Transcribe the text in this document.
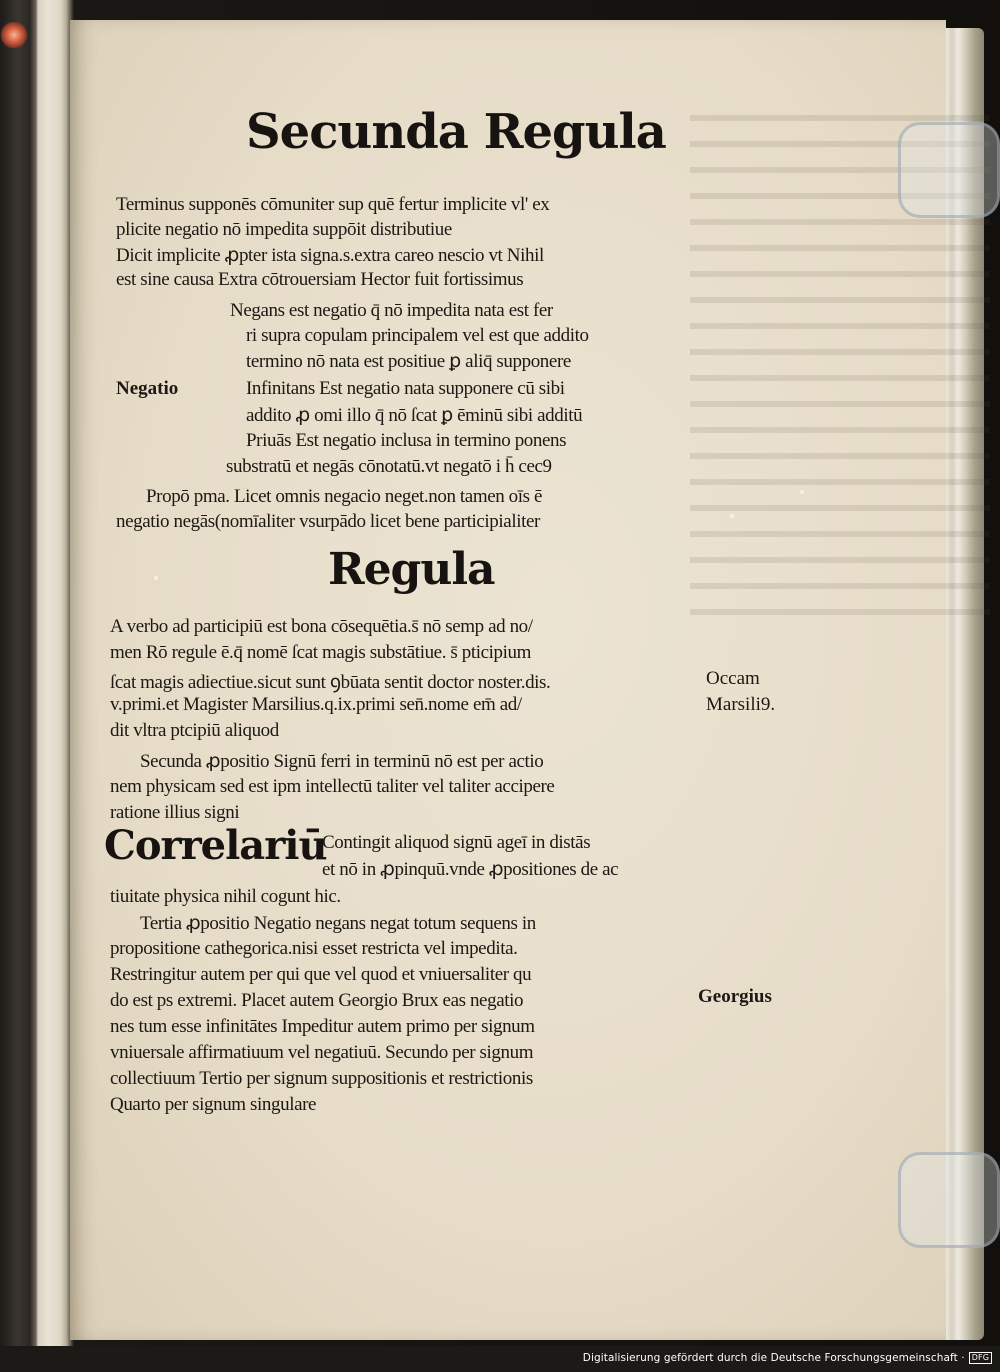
Secunda Regula
Terminus supponēs cōmuniter sup quē fertur implicite vl' ex
plicite negatio nō impedita suppōit distributiue
Dicit implicite ꝓpter ista signa.s.extra careo nescio vt Nihil
est sine causa Extra cōtrouersiam Hector fuit fortissimus
Negans est negatio q̄ nō impedita nata est fer
ri supra copulam principalem vel est que addito
termino nō nata est positiue ꝑ aliq̄ supponere
Infinitans Est negatio nata supponere cū sibi
addito ꝓ omi illo q̄ nō ſcat ꝑ ēminū sibi additū
Priuās Est negatio inclusa in termino ponens
substratū et negās cōnotatū.vt negatō i h̄ cec9
Negatio
Propō pma. Licet omnis negacio neget.non tamen oīs ē
negatio negās(nomīaliter vsurpādo licet bene participialiter
Regula
A verbo ad participiū est bona cōsequētia.s̄ nō semp ad no/
men Rō regule ē.q̄ nomē ſcat magis substātiue. s̄ pticipium
ſcat magis adiectiue.sicut sunt ꝯbūata sentit doctor noster.dis.
v.primi.et Magister Marsilius.q.ix.primi sen̄.nome em̄ ad/
dit vltra ptcipiū aliquod
Occam
Marsili9.
Secunda ꝓpositio Signū ferri in terminū nō est per actio
nem physicam sed est ipm intellectū taliter vel taliter accipere
ratione illius signi
Correlariū
Contingit aliquod signū ageī in distās
et nō in ꝓpinquū.vnde ꝓpositiones de ac
tiuitate physica nihil cogunt hic.
Tertia ꝓpositio Negatio negans negat totum sequens in
propositione cathegorica.nisi esset restricta vel impedita.
Restringitur autem per qui que vel quod et vniuersaliter qu
do est ps extremi. Placet autem Georgio Brux eas negatio
nes tum esse infinitātes Impeditur autem primo per signum
vniuersale affirmatiuum vel negatiuū. Secundo per signum
collectiuum Tertio per signum suppositionis et restrictionis
Quarto per signum singulare
Georgius
Digitalisierung gefördert durch die Deutsche Forschungsgemeinschaft · DFG
